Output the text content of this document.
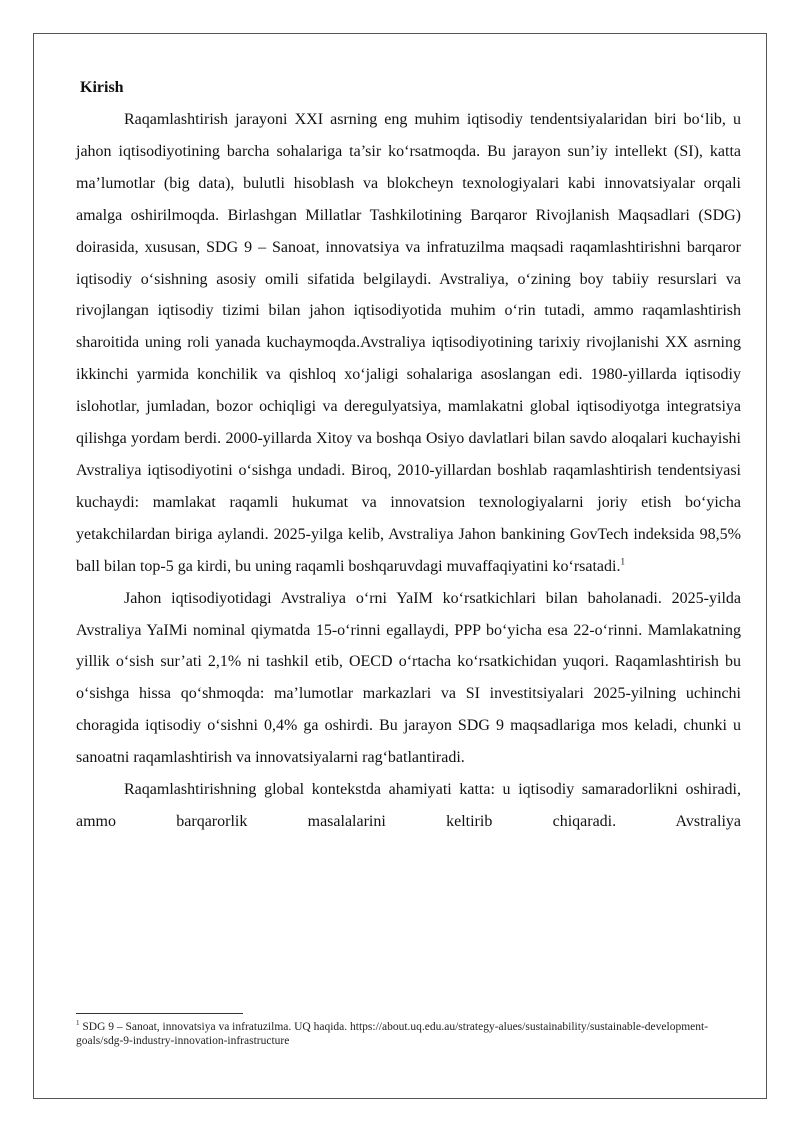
Kirish

Raqamlashtirish jarayoni XXI asrning eng muhim iqtisodiy tendentsiyalaridan biri bo‘lib, u jahon iqtisodiyotining barcha sohalariga ta’sir ko‘rsatmoqda. Bu jarayon sun’iy intellekt (SI), katta ma’lumotlar (big data), bulutli hisoblash va blokcheyn texnologiyalari kabi innovatsiyalar orqali amalga oshirilmoqda. Birlashgan Millatlar Tashkilotining Barqaror Rivojlanish Maqsadlari (SDG) doirasida, xususan, SDG 9 – Sanoat, innovatsiya va infratuzilma maqsadi raqamlashtirishni barqaror iqtisodiy o‘sishning asosiy omili sifatida belgilaydi. Avstraliya, o‘zining boy tabiiy resurslari va rivojlangan iqtisodiy tizimi bilan jahon iqtisodiyotida muhim o‘rin tutadi, ammo raqamlashtirish sharoitida uning roli yanada kuchaymoqda.Avstraliya iqtisodiyotining tarixiy rivojlanishi XX asrning ikkinchi yarmida konchilik va qishloq xo‘jaligi sohalariga asoslangan edi. 1980-yillarda iqtisodiy islohotlar, jumladan, bozor ochiqligi va deregulyatsiya, mamlakatni global iqtisodiyotga integratsiya qilishga yordam berdi. 2000-yillarda Xitoy va boshqa Osiyo davlatlari bilan savdo aloqalari kuchayishi Avstraliya iqtisodiyotini o‘sishga undadi. Biroq, 2010-yillardan boshlab raqamlashtirish tendentsiyasi kuchaydi: mamlakat raqamli hukumat va innovatsion texnologiyalarni joriy etish bo‘yicha yetakchilardan biriga aylandi. 2025-yilga kelib, Avstraliya Jahon bankining GovTech indeksida 98,5% ball bilan top-5 ga kirdi, bu uning raqamli boshqaruvdagi muvaffaqiyatini ko‘rsatadi.$^1$

Jahon iqtisodiyotidagi Avstraliya o‘rni YaIM ko‘rsatkichlari bilan baholanadi. 2025-yilda Avstraliya YaIMi nominal qiymatda 15-o‘rinni egallaydi, PPP bo‘yicha esa 22-o‘rinni. Mamlakatning yillik o‘sish sur’ati 2,1% ni tashkil etib, OECD o‘rtacha ko‘rsatkichidan yuqori. Raqamlashtirish bu o‘sishga hissa qo‘shmoqda: ma’lumotlar markazlari va SI investitsiyalari 2025-yilning uchinchi choragida iqtisodiy o‘sishni 0,4% ga oshirdi. Bu jarayon SDG 9 maqsadlariga mos keladi, chunki u sanoatni raqamlashtirish va innovatsiyalarni rag‘batlantiradi.

Raqamlashtirishning global kontekstda ahamiyati katta: u iqtisodiy samaradorlikni oshiradi, ammo barqarorlik masalalarini keltirib chiqaradi. Avstraliya

$^1$ SDG 9 – Sanoat, innovatsiya va infratuzilma. UQ haqida. https://about.uq.edu.au/strategy-alues/sustainability/sustainable-development-goals/sdg-9-industry-innovation-infrastructure
